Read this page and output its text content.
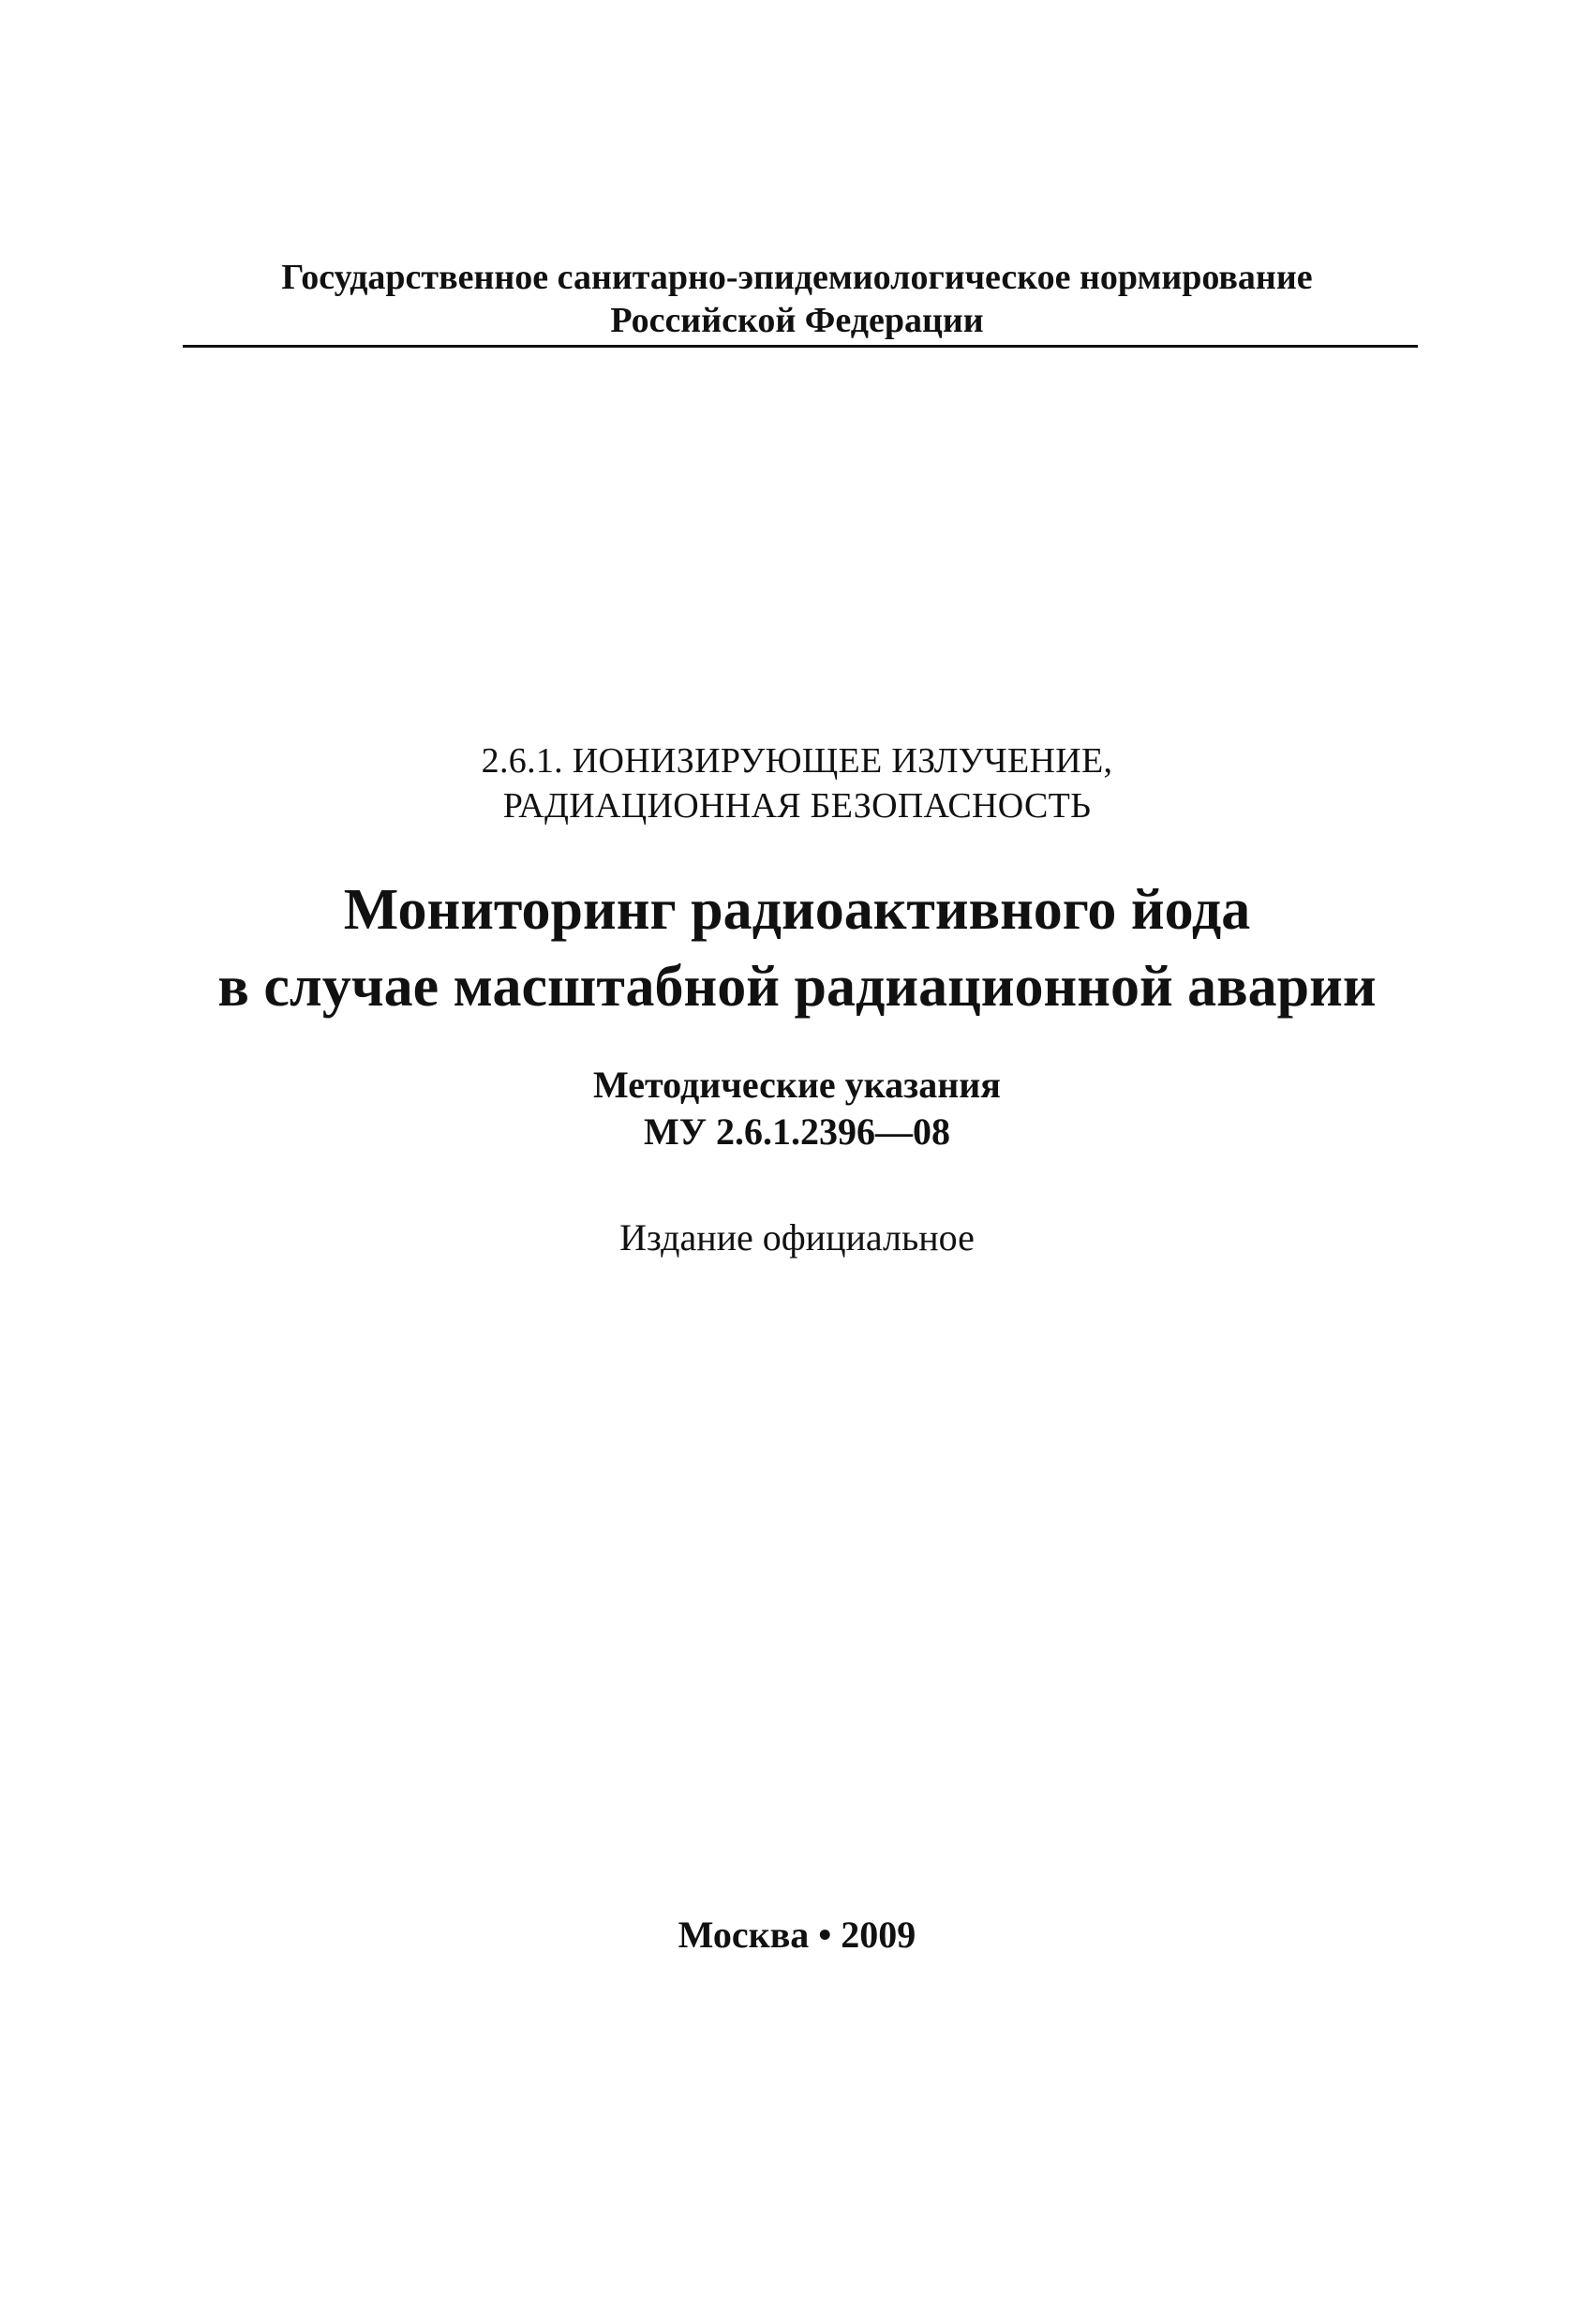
Государственное санитарно-эпидемиологическое нормирование
Российской Федерации
2.6.1. ИОНИЗИРУЮЩЕЕ ИЗЛУЧЕНИЕ,
РАДИАЦИОННАЯ БЕЗОПАСНОСТЬ
Мониторинг радиоактивного йода
в случае масштабной радиационной аварии
Методические указания
МУ 2.6.1.2396—08
Издание официальное
Москва • 2009
